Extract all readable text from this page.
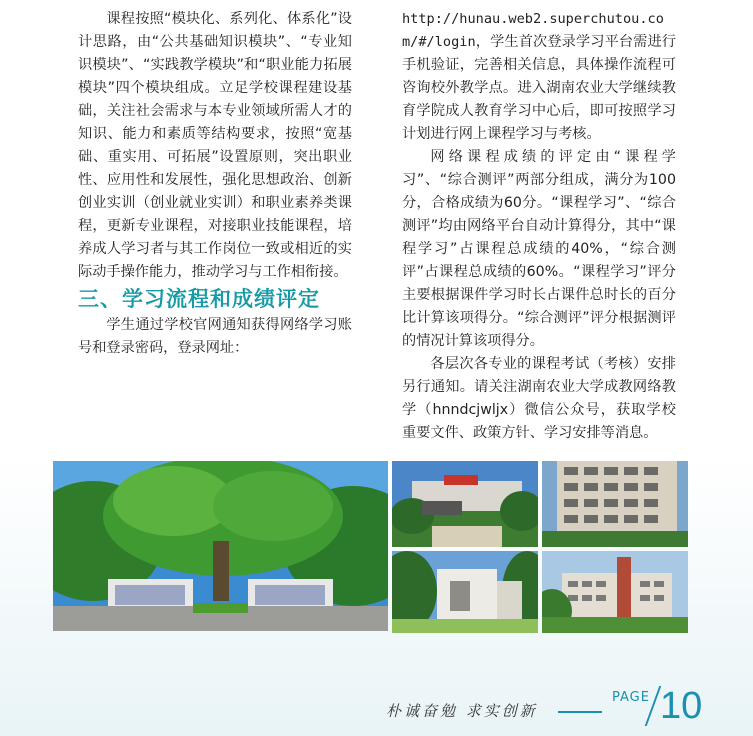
课程按照“模块化、系列化、体系化”设计思路，由“公共基础知识模块”、“专业知识模块”、“实践教学模块”和“职业能力拓展模块”四个模块组成。立足学校课程建设基础，关注社会需求与本专业领域所需人才的知识、能力和素质等结构要求，按照“宽基础、重实用、可拓展”设置原则，突出职业性、应用性和发展性，强化思想政治、创新创业实训（创业就业实训）和职业素养类课程，更新专业课程，对接职业技能课程，培养成人学习者与其工作岗位一致或相近的实际动手操作能力，推动学习与工作相衔接。

三、学习流程和成绩评定

学生通过学校官网通知获得网络学习账号和登录密码，登录网址：

http://hunau.web2.superchutou.com/#/login，学生首次登录学习平台需进行手机验证，完善相关信息，具体操作流程可咨询校外教学点。进入湖南农业大学继续教育学院成人教育学习中心后，即可按照学习计划进行网上课程学习与考核。

网络课程成绩的评定由“课程学习”、“综合测评”两部分组成，满分为100分，合格成绩为60分。“课程学习”、“综合测评”均由网络平台自动计算得分，其中“课程学习”占课程总成绩的40%，“综合测评”占课程总成绩的60%。“课程学习”评分主要根据课件学习时长占课件总时长的百分比计算该项得分。“综合测评”评分根据测评的情况计算该项得分。

各层次各专业的课程考试（考核）安排另行通知。请关注湖南农业大学成教网络教学（hnndcjwljx）微信公众号，获取学校重要文件、政策方针、学习安排等消息。

朴诚奋勉 求实创新
PAGE 10
